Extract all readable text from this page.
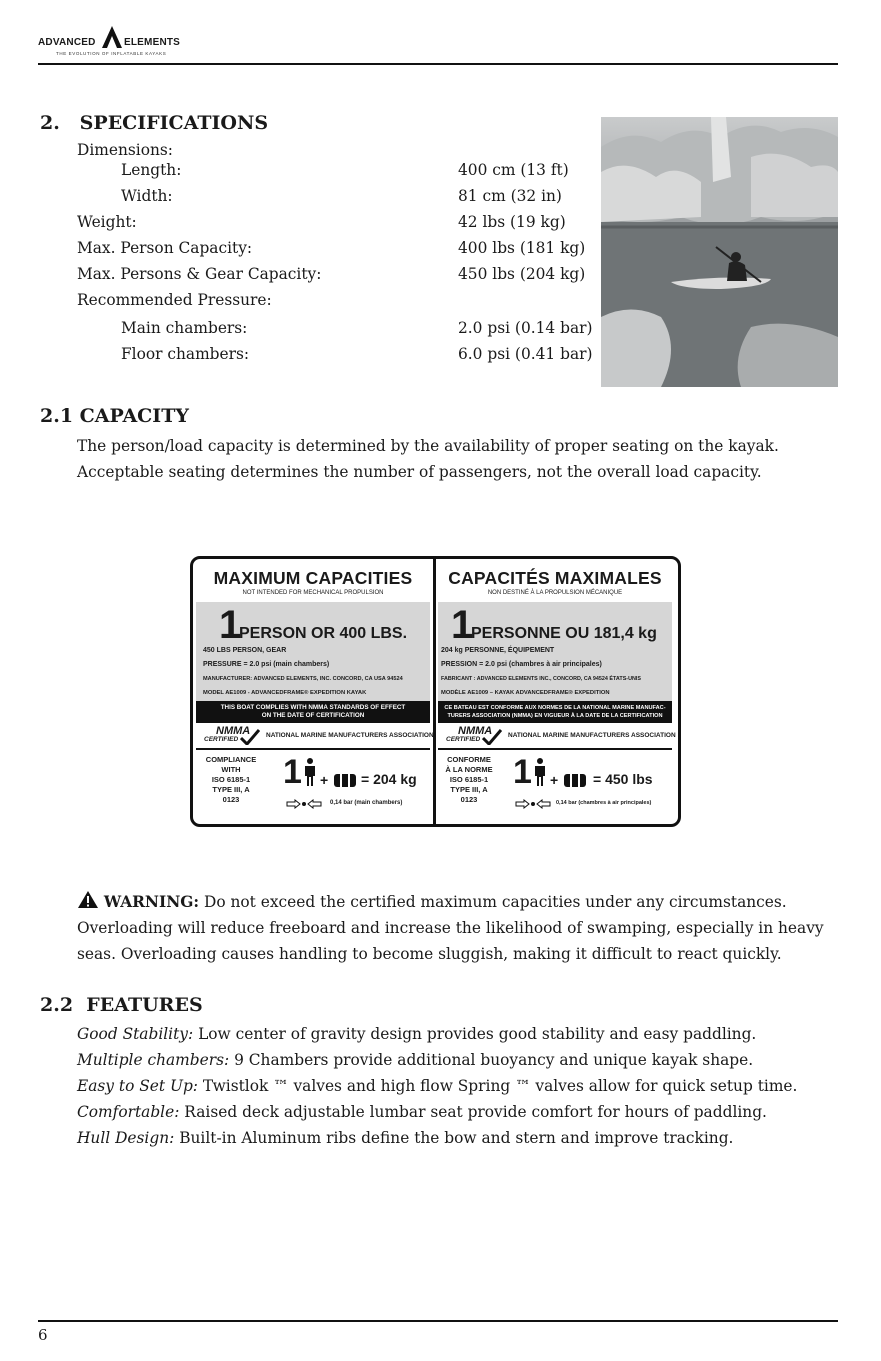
ADVANCED	ELEMENTS
THE EVOLUTION OF INFLATABLE KAYAKS
2.   SPECIFICATIONS
Dimensions:
Length:	400 cm (13 ft)
Width:	81 cm (32 in)
Weight:	42 lbs (19 kg)
Max. Person Capacity:	400 lbs (181 kg)
Max. Persons & Gear Capacity:	450 lbs (204 kg)
Recommended Pressure:
Main chambers:	2.0 psi (0.14 bar)
Floor chambers:	6.0 psi (0.41 bar)
2.1 CAPACITY
The person/load capacity is determined by the availability of proper seating on the kayak.
Acceptable seating determines the number of passengers, not the overall load capacity.
MAXIMUM CAPACITIES
NOT INTENDED FOR MECHANICAL PROPULSION
1
PERSON OR 400 LBS.
450 LBS PERSON, GEAR
PRESSURE = 2.0 psi (main chambers)
MANUFACTURER: ADVANCED ELEMENTS, INC. CONCORD, CA USA 94524
MODEL AE1009 - ADVANCEDFRAME® EXPEDITION KAYAK
THIS BOAT COMPLIES WITH NMMA STANDARDS OF EFFECT
ON THE DATE OF CERTIFICATION
NMMA
CERTIFIED
NATIONAL MARINE MANUFACTURERS ASSOCIATION
COMPLIANCE
WITH
ISO 6185-1
TYPE III, A
0123
1 + = 204 kg
0,14 bar (main chambers)
CAPACITÉS MAXIMALES
NON DESTINÉ À LA PROPULSION MÉCANIQUE
1
PERSONNE OU 181,4 kg
204 kg PERSONNE, ÉQUIPEMENT
PRESSION = 2.0 psi (chambres à air principales)
FABRICANT : ADVANCED ELEMENTS INC., CONCORD, CA 94524 ÉTATS-UNIS
MODÈLE AE1009 – KAYAK ADVANCEDFRAME® EXPEDITION
CE BATEAU EST CONFORME AUX NORMES DE LA NATIONAL MARINE MANUFAC-
TURERS ASSOCIATION (NMMA) EN VIGUEUR À LA DATE DE LA CERTIFICATION
NMMA
CERTIFIED
NATIONAL MARINE MANUFACTURERS ASSOCIATION
CONFORME
À LA NORME
ISO 6185-1
TYPE III, A
0123
1 + = 450 lbs
0,14 bar (chambres à air principales)
WARNING: Do not exceed the certified maximum capacities under any circumstances.
Overloading will reduce freeboard and increase the likelihood of swamping, especially in heavy
seas. Overloading causes handling to become sluggish, making it difficult to react quickly.
2.2  FEATURES
Good Stability: Low center of gravity design provides good stability and easy paddling.
Multiple chambers: 9 Chambers provide additional buoyancy and unique kayak shape.
Easy to Set Up: Twistlok ™ valves and high flow Spring ™ valves allow for quick setup time.
Comfortable: Raised deck adjustable lumbar seat provide comfort for hours of paddling.
Hull Design: Built-in Aluminum ribs define the bow and stern and improve tracking.
6
